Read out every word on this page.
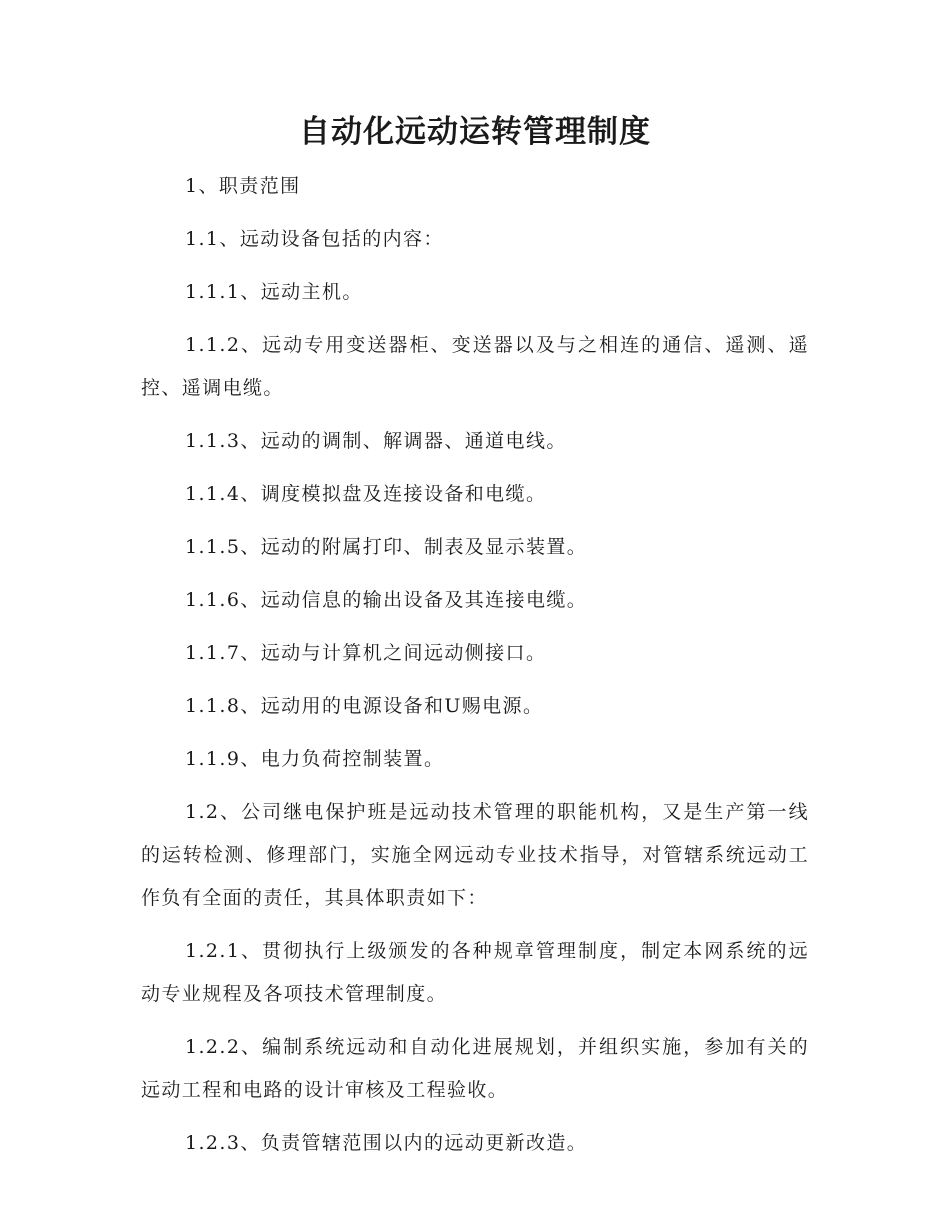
自动化远动运转管理制度

1、职责范围

1.1、远动设备包括的内容：

1.1.1、远动主机。

1.1.2、远动专用变送器柜、变送器以及与之相连的通信、遥测、遥控、遥调电缆。

1.1.3、远动的调制、解调器、通道电线。

1.1.4、调度模拟盘及连接设备和电缆。

1.1.5、远动的附属打印、制表及显示装置。

1.1.6、远动信息的输出设备及其连接电缆。

1.1.7、远动与计算机之间远动侧接口。

1.1.8、远动用的电源设备和U赐电源。

1.1.9、电力负荷控制装置。

1.2、公司继电保护班是远动技术管理的职能机构，又是生产第一线的运转检测、修理部门，实施全网远动专业技术指导，对管辖系统远动工作负有全面的责任，其具体职责如下：

1.2.1、贯彻执行上级颁发的各种规章管理制度，制定本网系统的远动专业规程及各项技术管理制度。

1.2.2、编制系统远动和自动化进展规划，并组织实施，参加有关的远动工程和电路的设计审核及工程验收。

1.2.3、负责管辖范围以内的远动更新改造。
